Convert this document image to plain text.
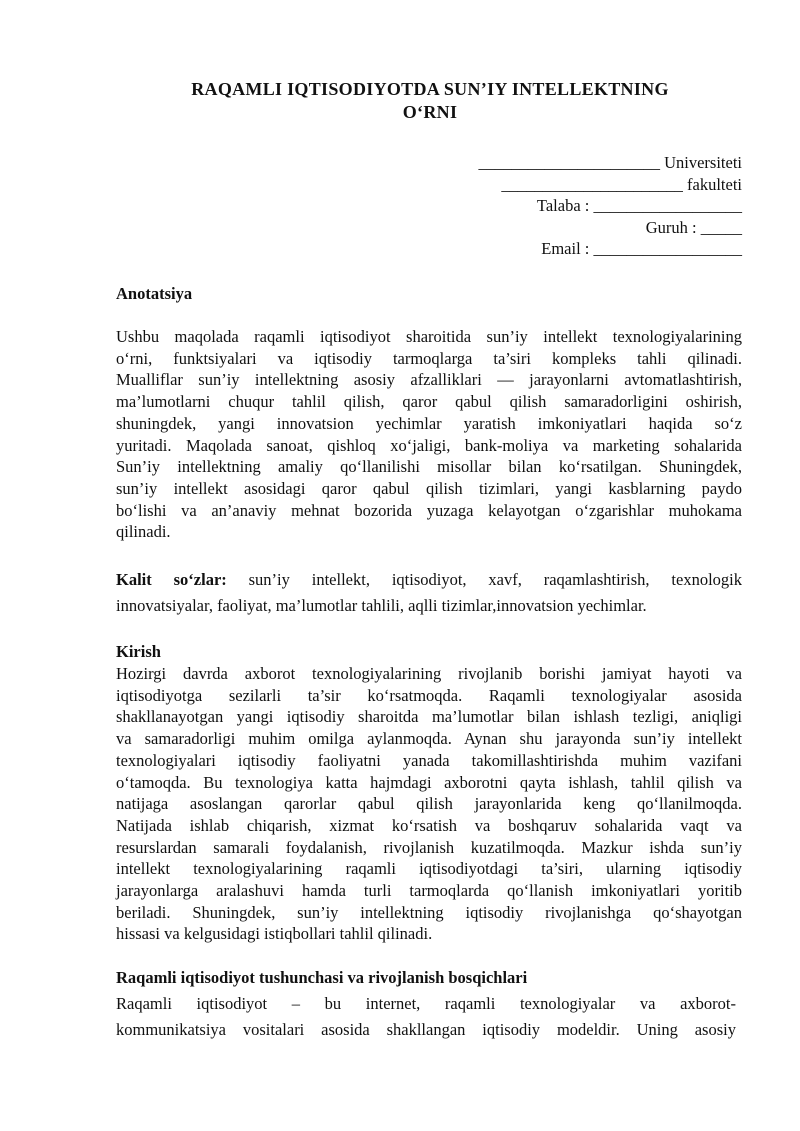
RAQAMLI IQTISODIYOTDA SUN’IY INTELLEKTNING
O‘RNI
______________________ Universiteti
______________________ fakulteti
Talaba : __________________
Guruh : _____
Email : __________________
Anotatsiya
Ushbu maqolada raqamli iqtisodiyot sharoitida sun’iy intellekt texnologiyalarining
o‘rni, funktsiyalari va iqtisodiy tarmoqlarga ta’siri kompleks tahli qilinadi.
Mualliflar sun’iy intellektning asosiy afzalliklari — jarayonlarni avtomatlashtirish,
ma’lumotlarni chuqur tahlil qilish, qaror qabul qilish samaradorligini oshirish,
shuningdek, yangi innovatsion yechimlar yaratish imkoniyatlari haqida so‘z
yuritadi. Maqolada sanoat, qishloq xo‘jaligi, bank-moliya va marketing sohalarida
Sun’iy intellektning amaliy qo‘llanilishi misollar bilan ko‘rsatilgan. Shuningdek,
sun’iy intellekt asosidagi qaror qabul qilish tizimlari, yangi kasblarning paydo
bo‘lishi va an’anaviy mehnat bozorida yuzaga kelayotgan o‘zgarishlar muhokama
qilinadi.
Kalit so‘zlar: sun’iy intellekt, iqtisodiyot, xavf, raqamlashtirish, texnologik
innovatsiyalar, faoliyat, ma’lumotlar tahlili, aqlli tizimlar,innovatsion yechimlar.
Kirish
Hozirgi davrda axborot texnologiyalarining rivojlanib borishi jamiyat hayoti va
iqtisodiyotga sezilarli ta’sir ko‘rsatmoqda. Raqamli texnologiyalar asosida
shakllanayotgan yangi iqtisodiy sharoitda ma’lumotlar bilan ishlash tezligi, aniqligi
va samaradorligi muhim omilga aylanmoqda. Aynan shu jarayonda sun’iy intellekt
texnologiyalari iqtisodiy faoliyatni yanada takomillashtirishda muhim vazifani
o‘tamoqda. Bu texnologiya katta hajmdagi axborotni qayta ishlash, tahlil qilish va
natijaga asoslangan qarorlar qabul qilish jarayonlarida keng qo‘llanilmoqda.
Natijada ishlab chiqarish, xizmat ko‘rsatish va boshqaruv sohalarida vaqt va
resurslardan samarali foydalanish, rivojlanish kuzatilmoqda. Mazkur ishda sun’iy
intellekt texnologiyalarining raqamli iqtisodiyotdagi ta’siri, ularning iqtisodiy
jarayonlarga aralashuvi hamda turli tarmoqlarda qo‘llanish imkoniyatlari yoritib
beriladi. Shuningdek, sun’iy intellektning iqtisodiy rivojlanishga qo‘shayotgan
hissasi va kelgusidagi istiqbollari tahlil qilinadi.
Raqamli iqtisodiyot tushunchasi va rivojlanish bosqichlari
Raqamli iqtisodiyot – bu internet, raqamli texnologiyalar va axborot-
kommunikatsiya vositalari asosida shakllangan iqtisodiy modeldir. Uning asosiy
